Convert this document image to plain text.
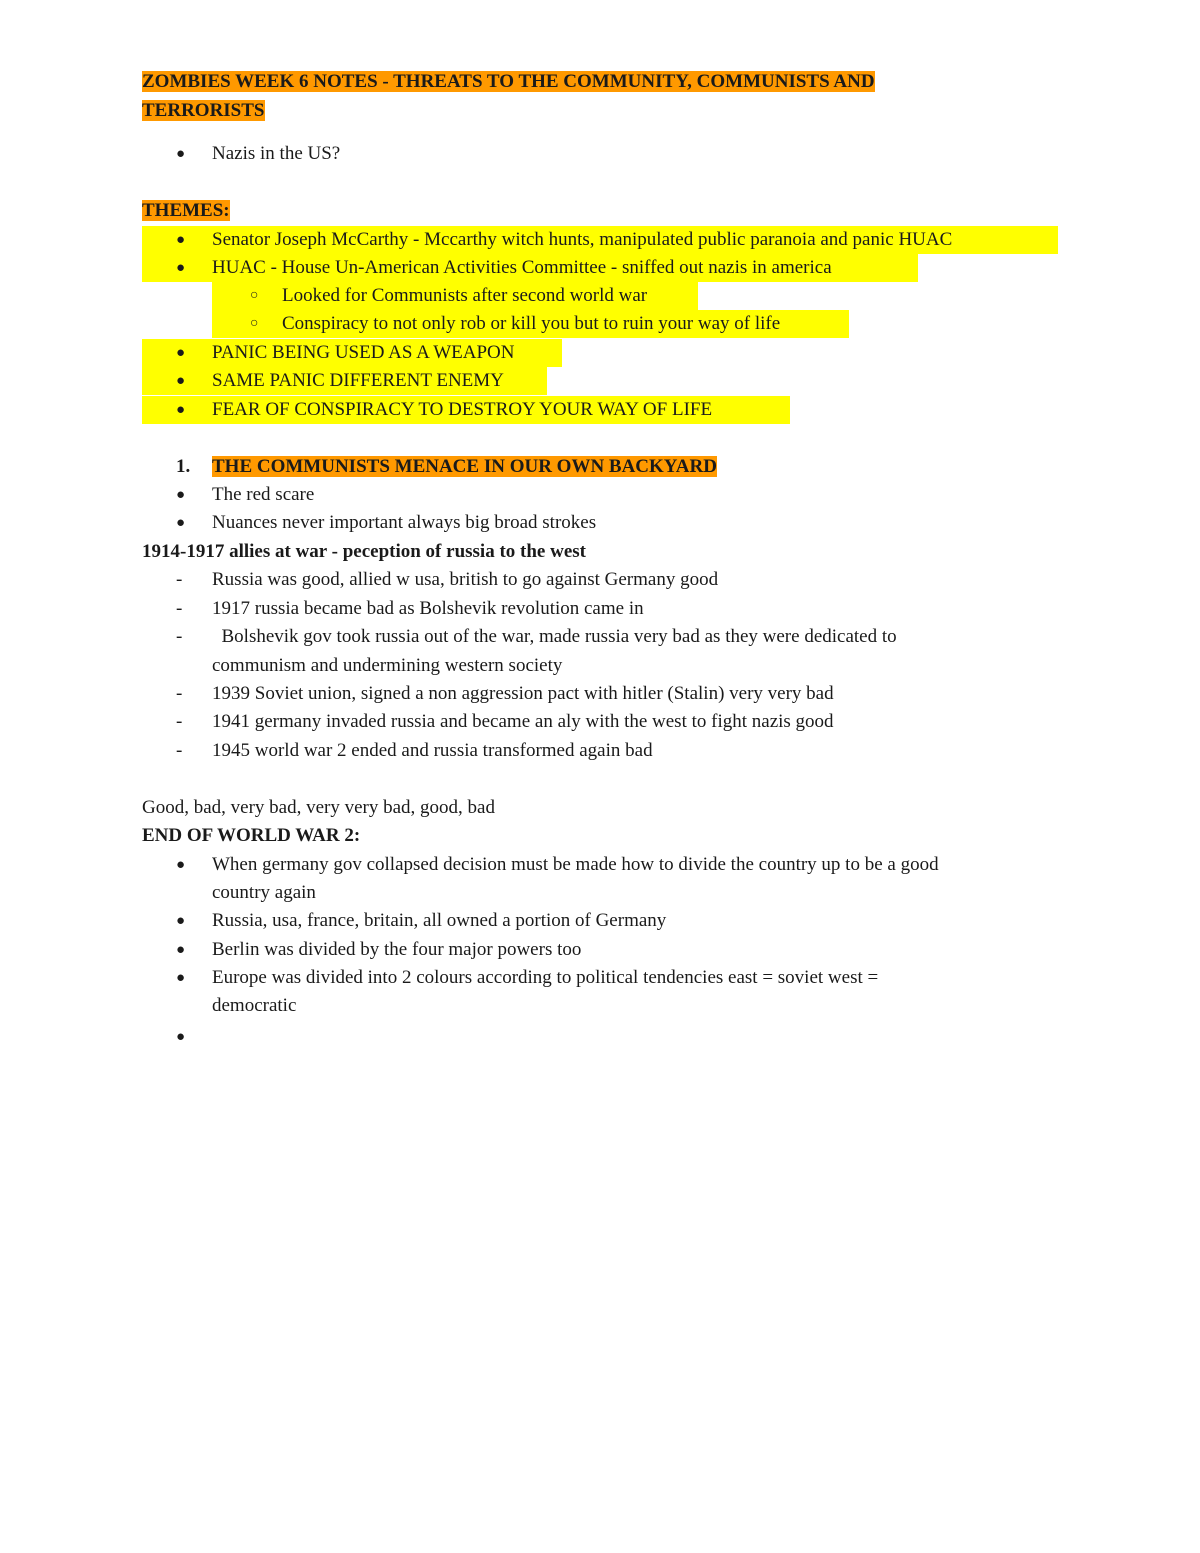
ZOMBIES WEEK 6 NOTES - THREATS TO THE COMMUNITY, COMMUNISTS AND
TERRORISTS
●	Nazis in the US?
THEMES:
●	Senator Joseph McCarthy - Mccarthy witch hunts, manipulated public paranoia and panic HUAC
●	HUAC - House Un-American Activities Committee - sniffed out nazis in america
○	Looked for Communists after second world war
○	Conspiracy to not only rob or kill you but to ruin your way of life
●	PANIC BEING USED AS A WEAPON
●	SAME PANIC DIFFERENT ENEMY
●	FEAR OF CONSPIRACY TO DESTROY YOUR WAY OF LIFE
1. THE COMMUNISTS MENACE IN OUR OWN BACKYARD
●	The red scare
●	Nuances never important always big broad strokes
1914-1917 allies at war - peception of russia to the west
- Russia was good, allied w usa, british to go against Germany good
- 1917 russia became bad as Bolshevik revolution came in
- Bolshevik gov took russia out of the war, made russia very bad as they were dedicated to
communism and undermining western society
- 1939 Soviet union, signed a non aggression pact with hitler (Stalin) very very bad
- 1941 germany invaded russia and became an aly with the west to fight nazis good
- 1945 world war 2 ended and russia transformed again bad
Good, bad, very bad, very very bad, good, bad
END OF WORLD WAR 2:
●	When germany gov collapsed decision must be made how to divide the country up to be a good
country again
●	Russia, usa, france, britain, all owned a portion of Germany
●	Berlin was divided by the four major powers too
●	Europe was divided into 2 colours according to political tendencies east = soviet west =
democratic
●
